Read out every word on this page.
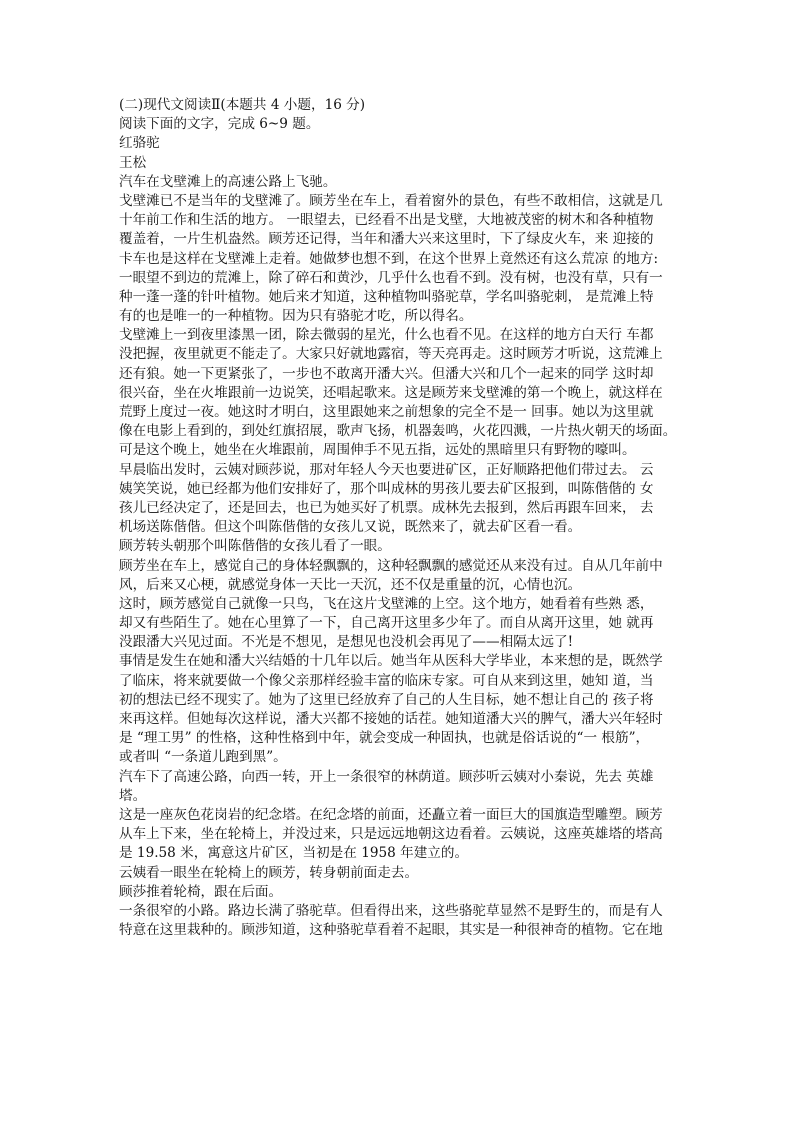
(二)现代文阅读Ⅱ(本题共 4 小题，16 分)
阅读下面的文字，完成 6~9 题。
红骆驼
王松
汽车在戈壁滩上的高速公路上飞驰。
戈壁滩已不是当年的戈壁滩了。顾芳坐在车上，看着窗外的景色，有些不敢相信，这就是几
十年前工作和生活的地方。 一眼望去，已经看不出是戈壁，大地被茂密的树木和各种植物
覆盖着，一片生机盎然。顾芳还记得，当年和潘大兴来这里时，下了绿皮火车，来 迎接的
卡车也是这样在戈壁滩上走着。她做梦也想不到，在这个世界上竟然还有这么荒凉 的地方:
一眼望不到边的荒滩上，除了碎石和黄沙，几乎什么也看不到。没有树，也没有草，只有一
种一蓬一蓬的针叶植物。她后来才知道，这种植物叫骆驼草，学名叫骆驼刺， 是荒滩上特
有的也是唯一的一种植物。因为只有骆驼才吃，所以得名。
戈壁滩上一到夜里漆黑一团，除去微弱的星光，什么也看不见。在这样的地方白天行 车都
没把握，夜里就更不能走了。大家只好就地露宿，等天亮再走。这时顾芳才听说，这荒滩上
还有狼。她一下更紧张了，一步也不敢离开潘大兴。但潘大兴和几个一起来的同学 这时却
很兴奋，坐在火堆跟前一边说笑，还唱起歌来。这是顾芳来戈壁滩的第一个晚上，就这样在
荒野上度过一夜。她这时才明白，这里跟她来之前想象的完全不是一 回事。她以为这里就
像在电影上看到的，到处红旗招展，歌声飞扬，机器轰鸣，火花四溅，一片热火朝天的场面。
可是这个晚上，她坐在火堆跟前，周围伸手不见五指，远处的黑暗里只有野物的嚎叫。
早晨临出发时，云姨对顾莎说，那对年轻人今天也要进矿区，正好顺路把他们带过去。 云
姨笑笑说，她已经都为他们安排好了，那个叫成林的男孩儿要去矿区报到，叫陈偕偕的 女
孩儿已经决定了，还是回去，也已为她买好了机票。成林先去报到，然后再跟车回来， 去
机场送陈偕偕。但这个叫陈偕偕的女孩儿又说，既然来了，就去矿区看一看。
顾芳转头朝那个叫陈偕偕的女孩儿看了一眼。
顾芳坐在车上，感觉自己的身体轻飘飘的，这种轻飘飘的感觉还从来没有过。自从几年前中
风，后来又心梗，就感觉身体一天比一天沉，还不仅是重量的沉，心情也沉。
这时，顾芳感觉自己就像一只鸟，飞在这片戈壁滩的上空。这个地方，她看着有些熟 悉，
却又有些陌生了。她在心里算了一下，自己离开这里多少年了。而自从离开这里，她 就再
没跟潘大兴见过面。不光是不想见，是想见也没机会再见了——相隔太远了!
事情是发生在她和潘大兴结婚的十几年以后。她当年从医科大学毕业，本来想的是，既然学
了临床，将来就要做一个像父亲那样经验丰富的临床专家。可自从来到这里，她知 道，当
初的想法已经不现实了。她为了这里已经放弃了自己的人生目标，她不想让自己的 孩子将
来再这样。但她每次这样说，潘大兴都不接她的话茬。她知道潘大兴的脾气，潘大兴年轻时
是 “理工男” 的性格，这种性格到中年，就会变成一种固执，也就是俗话说的“一 根筋”，
或者叫 “一条道儿跑到黑”。
汽车下了高速公路，向西一转，开上一条很窄的林荫道。顾莎听云姨对小秦说，先去 英雄
塔。
这是一座灰色花岗岩的纪念塔。在纪念塔的前面，还矗立着一面巨大的国旗造型雕塑。顾芳
从车上下来，坐在轮椅上，并没过来，只是远远地朝这边看着。云姨说，这座英雄塔的塔高
是 19.58 米，寓意这片矿区，当初是在 1958 年建立的。
云姨看一眼坐在轮椅上的顾芳，转身朝前面走去。
顾莎推着轮椅，跟在后面。
一条很窄的小路。路边长满了骆驼草。但看得出来，这些骆驼草显然不是野生的，而是有人
特意在这里栽种的。顾涉知道，这种骆驼草看着不起眼，其实是一种很神奇的植物。它在地
